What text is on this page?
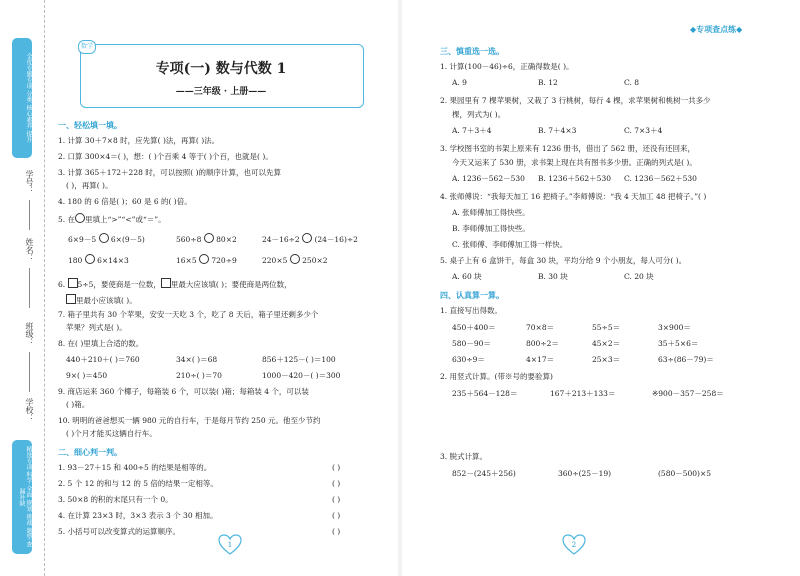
全优专题专项 分类 核心素养 提升
学号：
姓名：
班级：
学校：
精选专项 科学 全面 规划 挑战 题型 查漏补缺
数学
专项(一) 数与代数 1
——三年级 · 上册——
一、轻松填一填。
1. 计算 30＋7×8 时，应先算( )法，再算( )法。
2. 口算 300×4＝( )，想：( )个百乘 4 等于( )个百，也就是( )。
3. 计算 365＋172＋228 时，可以按照( )的顺序计算，也可以先算
( )，再算( )。
4. 180 的 6 倍是( )；60 是 6 的( )倍。
5. 在 里填上“>”“<”或“＝”。
6×9－5 6×(9－5)	560÷8 80×2	24－16÷2 (24－16)÷2
180 6×14×3	16×5 720÷9	220×5 250×2
6. 5÷5，要使商是一位数， 里最大应该填( )；要使商是两位数，
里最小应该填( )。
7. 箱子里共有 30 个苹果，安安一天吃 3 个，吃了 8 天后，箱子里还剩多少个
苹果？列式是( )。
8. 在( )里填上合适的数。
440＋210＋( )＝760	34×( )＝68	856＋125－( )＝100
9×( )＝450	210÷( )＝70	1000－420－( )＝300
9. 商店运来 360 个椰子，每箱装 6 个，可以装( )箱；每箱装 4 个，可以装
( )箱。
10. 明明的爸爸想买一辆 980 元的自行车，于是每月节约 250 元。他至少节约
( )个月才能买这辆自行车。
二、细心判一判。
1. 93－27＋15 和 400÷5 的结果是相等的。	( )
2. 5 个 12 的和与 12 的 5 倍的结果一定相等。	( )
3. 50×8 的积的末尾只有一个 0。	( )
4. 在计算 23×3 时，3×3 表示 3 个 30 相加。	( )
5. 小括号可以改变算式的运算顺序。	( )
1
◆专项查点练◆
三、慎重选一选。
1. 计算(100－46)÷6，正确得数是( )。
A. 9	B. 12	C. 8
2. 果园里有 7 棵苹果树，又栽了 3 行桃树，每行 4 棵，求苹果树和桃树一共多少
棵，列式为( )。
A. 7＋3＋4	B. 7＋4×3	C. 7×3＋4
3. 学校图书室的书架上原来有 1236 册书，借出了 562 册，还没有还回来，
今天又运来了 530 册，求书架上现在共有图书多少册。正确的列式是( )。
A. 1236－562－530 B. 1236＋562＋530 C. 1236－562＋530
4. 张师傅说：“我每天加工 16 把椅子。”李师傅说：“我 4 天加工 48 把椅子。”( )
A. 张师傅加工得快些。
B. 李师傅加工得快些。
C. 张师傅、李师傅加工得一样快。
5. 桌子上有 6 盒饼干，每盒 30 块，平均分给 9 个小朋友，每人可分( )。
A. 60 块	B. 30 块	C. 20 块
四、认真算一算。
1. 直接写出得数。
450＋400＝	70×8＝	55÷5＝	3×900＝
580－90＝	800÷2＝	45×2＝	35＋5×6＝
630÷9＝	4×17＝	25×3＝	63÷(86－79)＝
2. 用竖式计算。(带※号的要验算)
235＋564－128＝	167＋213＋133＝	※900－357－258＝
3. 脱式计算。
852－(245＋256)	360÷(25－19)	(580－500)×5
2
